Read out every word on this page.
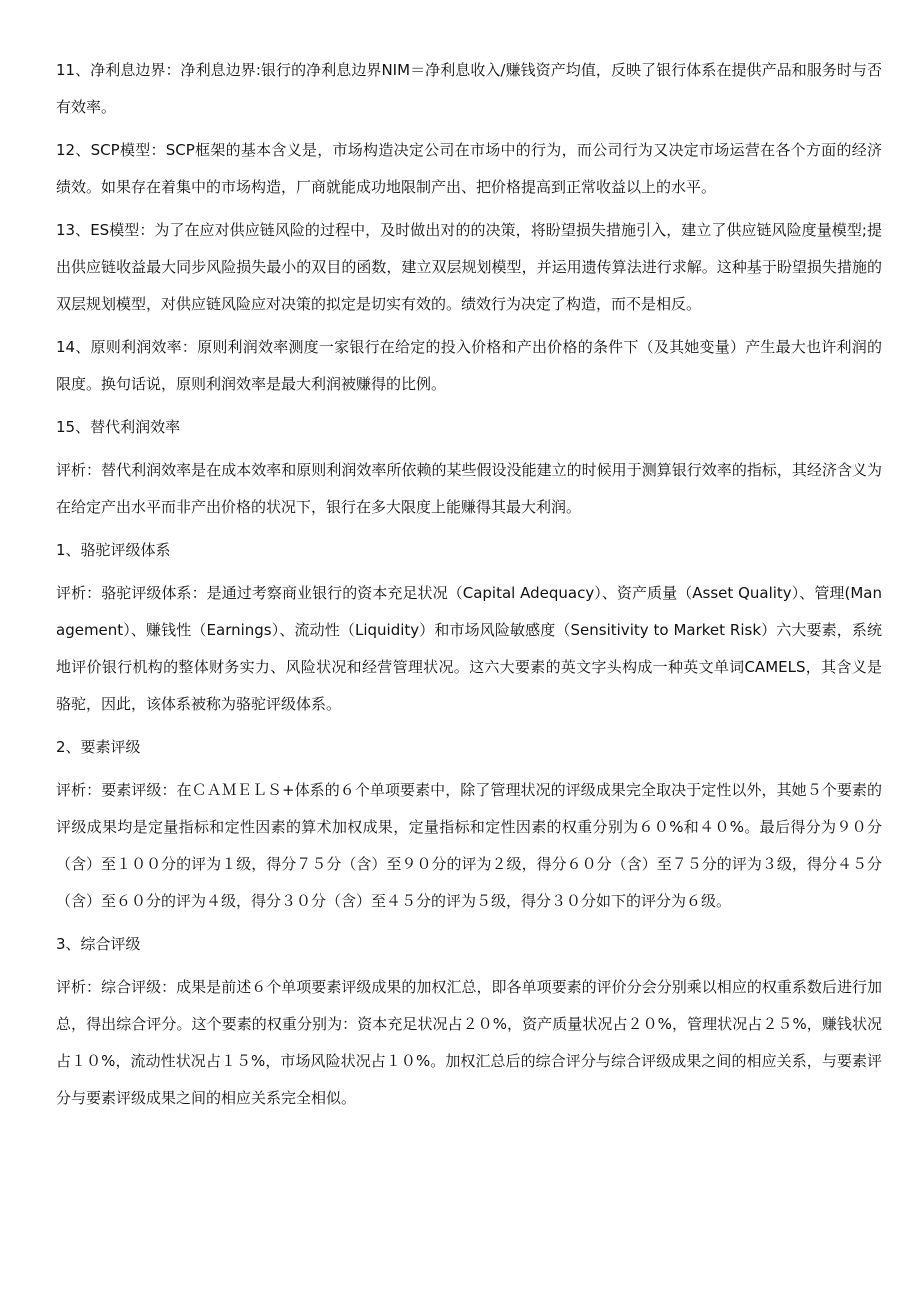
11、净利息边界：净利息边界:银行的净利息边界NIM＝净利息收入/赚钱资产均值，反映了银行体系在提供产品和服务时与否有效率。

12、SCP模型：SCP框架的基本含义是，市场构造决定公司在市场中的行为，而公司行为又决定市场运营在各个方面的经济绩效。如果存在着集中的市场构造，厂商就能成功地限制产出、把价格提高到正常收益以上的水平。

13、ES模型：为了在应对供应链风险的过程中，及时做出对的的决策，将盼望损失措施引入，建立了供应链风险度量模型;提出供应链收益最大同步风险损失最小的双目的函数，建立双层规划模型，并运用遗传算法进行求解。这种基于盼望损失措施的双层规划模型，对供应链风险应对决策的拟定是切实有效的。绩效行为决定了构造，而不是相反。

14、原则利润效率：原则利润效率测度一家银行在给定的投入价格和产出价格的条件下（及其她变量）产生最大也许利润的限度。换句话说，原则利润效率是最大利润被赚得的比例。

15、替代利润效率

评析：替代利润效率是在成本效率和原则利润效率所依赖的某些假设没能建立的时候用于测算银行效率的指标，其经济含义为在给定产出水平而非产出价格的状况下，银行在多大限度上能赚得其最大利润。

1、骆驼评级体系

评析：骆驼评级体系：是通过考察商业银行的资本充足状况（Capital Adequacy）、资产质量（Asset Quality）、管理(Management）、赚钱性（Earnings）、流动性（Liquidity）和市场风险敏感度（Sensitivity to Market Risk）六大要素，系统地评价银行机构的整体财务实力、风险状况和经营管理状况。这六大要素的英文字头构成一种英文单词CAMELS，其含义是骆驼，因此，该体系被称为骆驼评级体系。

2、要素评级

评析：要素评级：在ＣＡＭＥＬＳ+体系的６个单项要素中，除了管理状况的评级成果完全取决于定性以外，其她５个要素的评级成果均是定量指标和定性因素的算术加权成果，定量指标和定性因素的权重分别为６０%和４０%。最后得分为９０分（含）至１００分的评为１级，得分７５分（含）至９０分的评为２级，得分６０分（含）至７５分的评为３级，得分４５分（含）至６０分的评为４级，得分３０分（含）至４５分的评为５级，得分３０分如下的评分为６级。

3、综合评级

评析：综合评级：成果是前述６个单项要素评级成果的加权汇总，即各单项要素的评价分会分别乘以相应的权重系数后进行加总，得出综合评分。这个要素的权重分别为：资本充足状况占２０%，资产质量状况占２０%，管理状况占２５%，赚钱状况占１０%，流动性状况占１５%，市场风险状况占１０%。加权汇总后的综合评分与综合评级成果之间的相应关系，与要素评分与要素评级成果之间的相应关系完全相似。
